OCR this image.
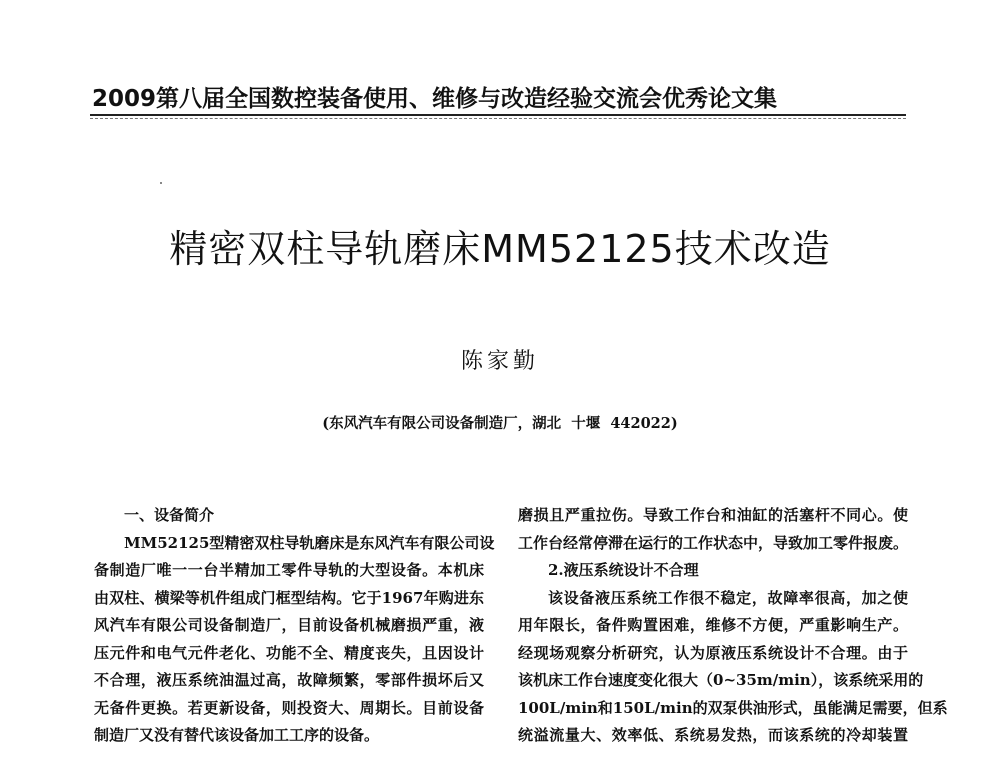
2009第八届全国数控装备使用、维修与改造经验交流会优秀论文集
精密双柱导轨磨床MM52125技术改造
陈家勤
(东风汽车有限公司设备制造厂，湖北  十堰  442022)
一、设备简介
MM52125型精密双柱导轨磨床是东风汽车有限公司设
备制造厂唯一一台半精加工零件导轨的大型设备。本机床
由双柱、横梁等机件组成门框型结构。它于1967年购进东
风汽车有限公司设备制造厂，目前设备机械磨损严重，液
压元件和电气元件老化、功能不全、精度丧失，且因设计
不合理，液压系统油温过高，故障频繁，零部件损坏后又
无备件更换。若更新设备，则投资大、周期长。目前设备
制造厂又没有替代该设备加工工序的设备。
磨损且严重拉伤。导致工作台和油缸的活塞杆不同心。使
工作台经常停滞在运行的工作状态中，导致加工零件报废。
2.液压系统设计不合理
该设备液压系统工作很不稳定，故障率很高，加之使
用年限长，备件购置困难，维修不方便，严重影响生产。
经现场观察分析研究，认为原液压系统设计不合理。由于
该机床工作台速度变化很大（0~35m/min），该系统采用的
100L/min和150L/min的双泵供油形式，虽能满足需要，但系
统溢流量大、效率低、系统易发热，而该系统的冷却装置
